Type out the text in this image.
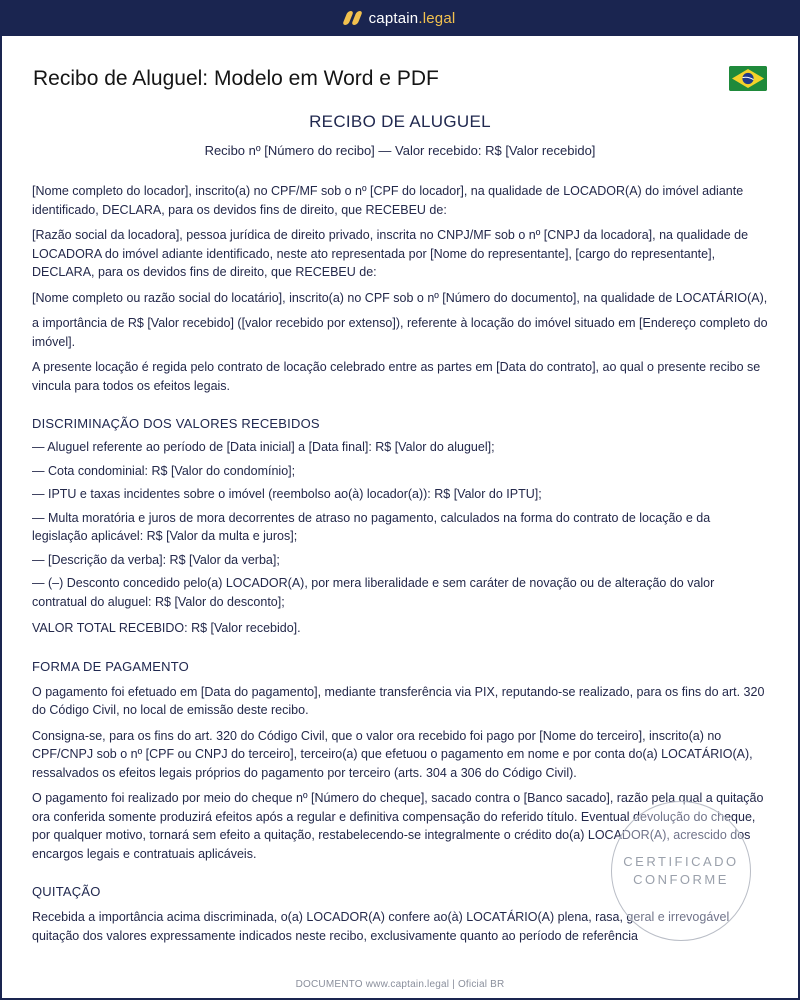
captain.legal
Recibo de Aluguel: Modelo em Word e PDF
RECIBO DE ALUGUEL
Recibo nº [Número do recibo] — Valor recebido: R$ [Valor recebido]

[Nome completo do locador], inscrito(a) no CPF/MF sob o nº [CPF do locador], na qualidade de LOCADOR(A) do imóvel adiante identificado, DECLARA, para os devidos fins de direito, que RECEBEU de:

[Razão social da locadora], pessoa jurídica de direito privado, inscrita no CNPJ/MF sob o nº [CNPJ da locadora], na qualidade de LOCADORA do imóvel adiante identificado, neste ato representada por [Nome do representante], [cargo do representante], DECLARA, para os devidos fins de direito, que RECEBEU de:

[Nome completo ou razão social do locatário], inscrito(a) no CPF sob o nº [Número do documento], na qualidade de LOCATÁRIO(A),

a importância de R$ [Valor recebido] ([valor recebido por extenso]), referente à locação do imóvel situado em [Endereço completo do imóvel].

A presente locação é regida pelo contrato de locação celebrado entre as partes em [Data do contrato], ao qual o presente recibo se vincula para todos os efeitos legais.

DISCRIMINAÇÃO DOS VALORES RECEBIDOS

— Aluguel referente ao período de [Data inicial] a [Data final]: R$ [Valor do aluguel];

— Cota condominial: R$ [Valor do condomínio];

— IPTU e taxas incidentes sobre o imóvel (reembolso ao(à) locador(a)): R$ [Valor do IPTU];

— Multa moratória e juros de mora decorrentes de atraso no pagamento, calculados na forma do contrato de locação e da legislação aplicável: R$ [Valor da multa e juros];

— [Descrição da verba]: R$ [Valor da verba];

— (–) Desconto concedido pelo(a) LOCADOR(A), por mera liberalidade e sem caráter de novação ou de alteração do valor contratual do aluguel: R$ [Valor do desconto];

VALOR TOTAL RECEBIDO: R$ [Valor recebido].

FORMA DE PAGAMENTO

O pagamento foi efetuado em [Data do pagamento], mediante transferência via PIX, reputando-se realizado, para os fins do art. 320 do Código Civil, no local de emissão deste recibo.

Consigna-se, para os fins do art. 320 do Código Civil, que o valor ora recebido foi pago por [Nome do terceiro], inscrito(a) no CPF/CNPJ sob o nº [CPF ou CNPJ do terceiro], terceiro(a) que efetuou o pagamento em nome e por conta do(a) LOCATÁRIO(A), ressalvados os efeitos legais próprios do pagamento por terceiro (arts. 304 a 306 do Código Civil).

O pagamento foi realizado por meio do cheque nº [Número do cheque], sacado contra o [Banco sacado], razão pela qual a quitação ora conferida somente produzirá efeitos após a regular e definitiva compensação do referido título. Eventual devolução do cheque, por qualquer motivo, tornará sem efeito a quitação, restabelecendo-se integralmente o crédito do(a) LOCADOR(A), acrescido dos encargos legais e contratuais aplicáveis.

QUITAÇÃO

Recebida a importância acima discriminada, o(a) LOCADOR(A) confere ao(à) LOCATÁRIO(A) plena, rasa, geral e irrevogável quitação dos valores expressamente indicados neste recibo, exclusivamente quanto ao período de referência

CERTIFICADO
CONFORME
DOCUMENTO www.captain.legal | Oficial BR
